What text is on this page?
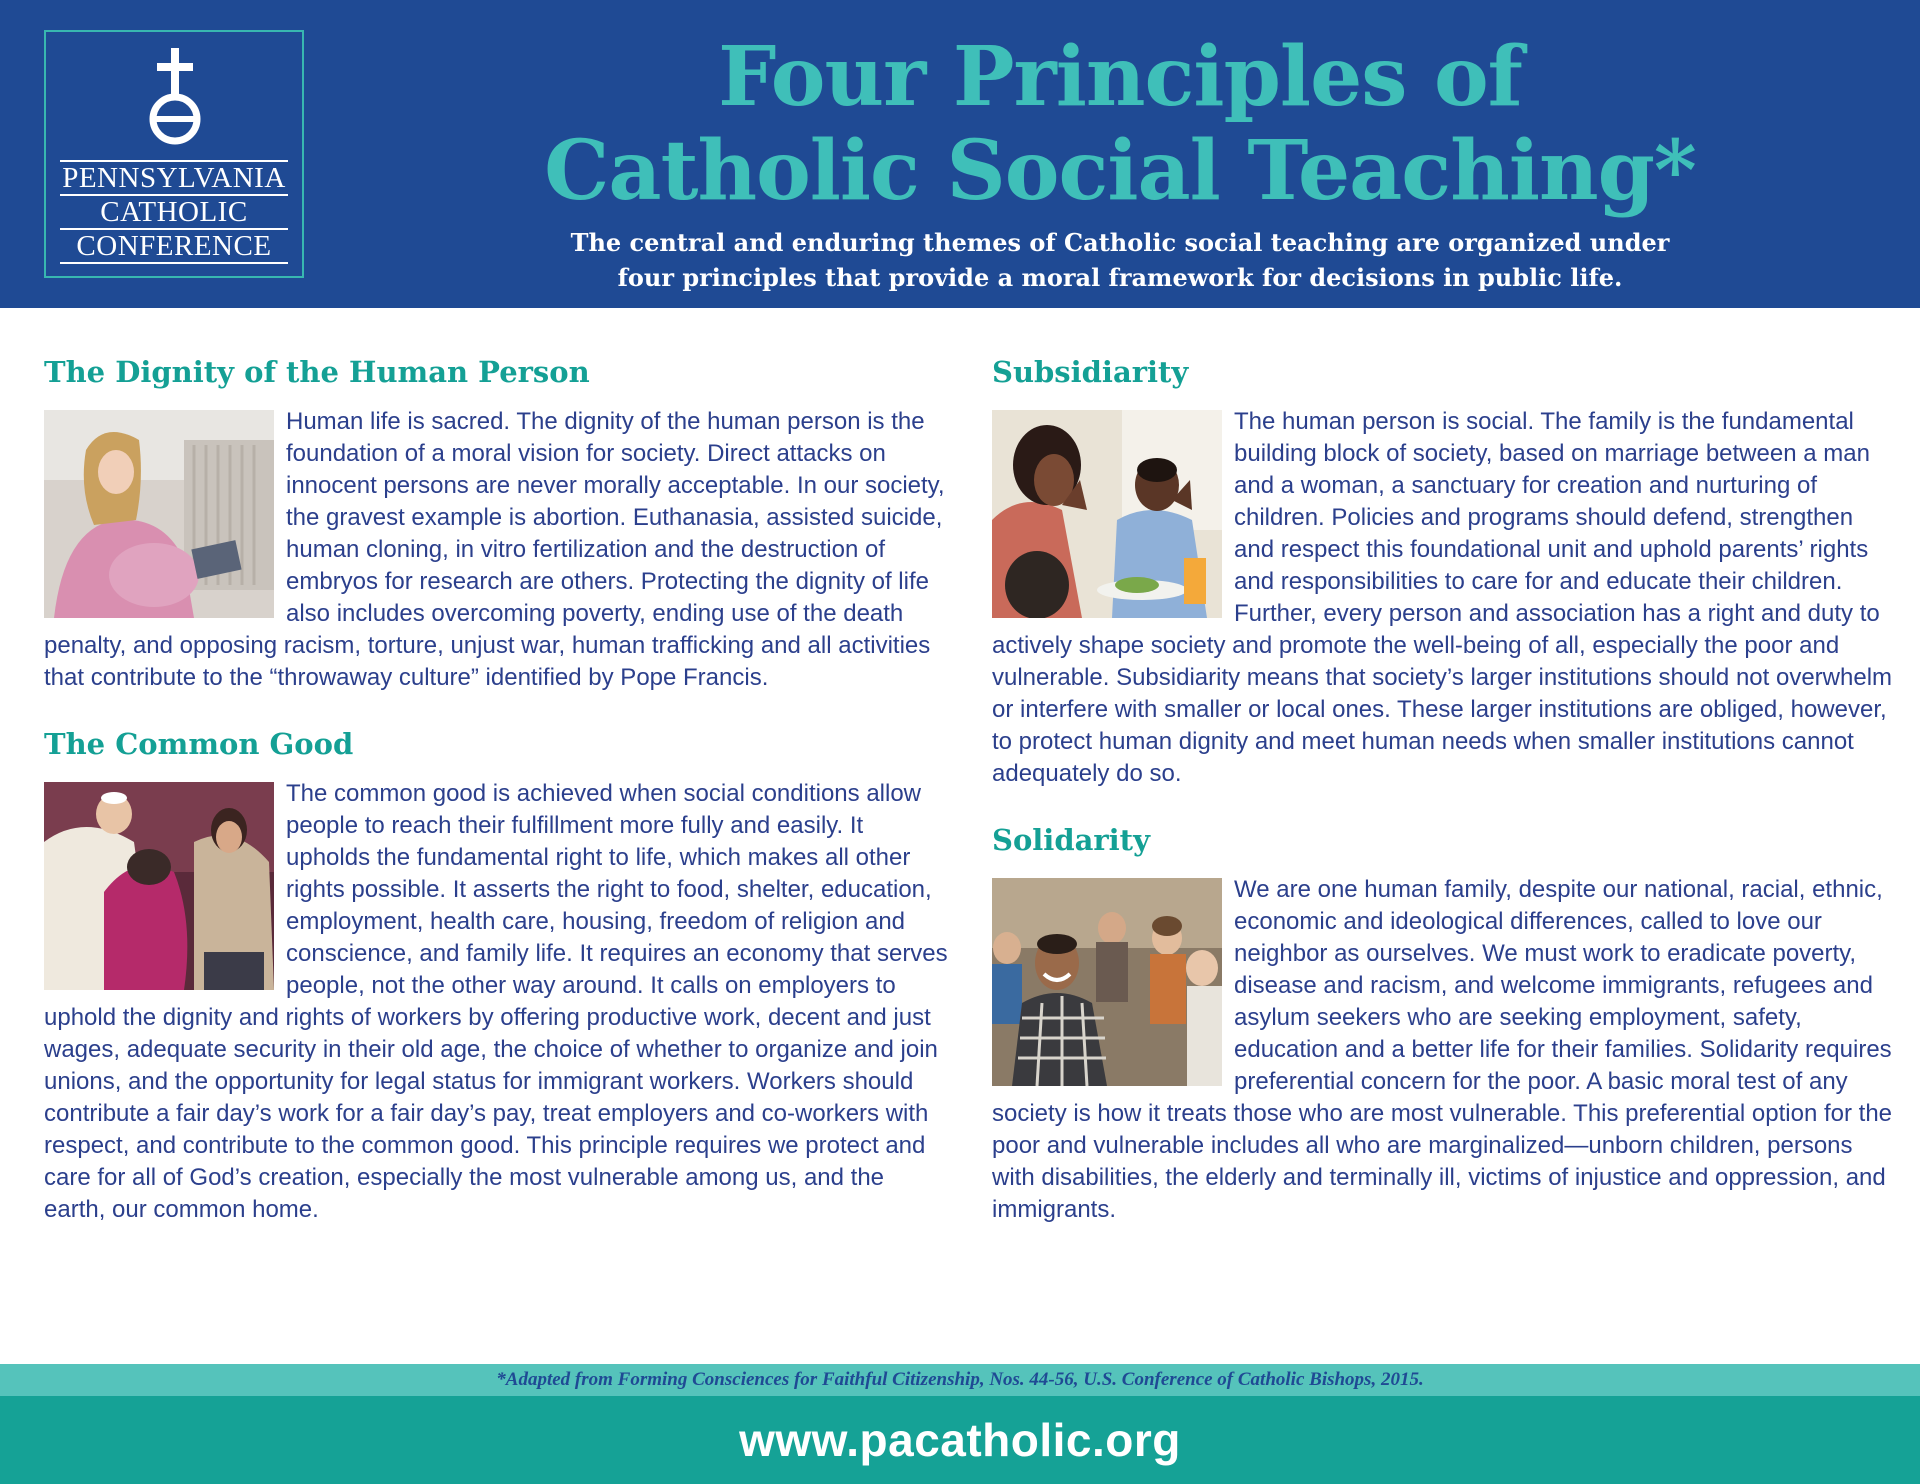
PENNSYLVANIA
CATHOLIC
CONFERENCE
Four Principles of
Catholic Social Teaching*
The central and enduring themes of Catholic social teaching are organized under
four principles that provide a moral framework for decisions in public life.
The Dignity of the Human Person
Human life is sacred. The dignity of the human person is the foundation of a moral vision for society. Direct attacks on innocent persons are never morally acceptable. In our society, the gravest example is abortion. Euthanasia, assisted suicide, human cloning, in vitro fertilization and the destruction of embryos for research are others. Protecting the dignity of life also includes overcoming poverty, ending use of the death penalty, and opposing racism, torture, unjust war, human trafficking and all activities that contribute to the “throwaway culture” identified by Pope Francis.
The Common Good
The common good is achieved when social conditions allow people to reach their fulfillment more fully and easily. It upholds the fundamental right to life, which makes all other rights possible. It asserts the right to food, shelter, education, employment, health care, housing, freedom of religion and conscience, and family life. It requires an economy that serves people, not the other way around. It calls on employers to uphold the dignity and rights of workers by offering productive work, decent and just wages, adequate security in their old age, the choice of whether to organize and join unions, and the opportunity for legal status for immigrant workers. Workers should contribute a fair day’s work for a fair day’s pay, treat employers and co-workers with respect, and contribute to the common good. This principle requires we protect and care for all of God’s creation, especially the most vulnerable among us, and the earth, our common home.
Subsidiarity
The human person is social. The family is the fundamental building block of society, based on marriage between a man and a woman, a sanctuary for creation and nurturing of children. Policies and programs should defend, strengthen and respect this foundational unit and uphold parents’ rights and responsibilities to care for and educate their children. Further, every person and association has a right and duty to actively shape society and promote the well-being of all, especially the poor and vulnerable. Subsidiarity means that society’s larger institutions should not overwhelm or interfere with smaller or local ones. These larger institutions are obliged, however, to protect human dignity and meet human needs when smaller institutions cannot adequately do so.
Solidarity
We are one human family, despite our national, racial, ethnic, economic and ideological differences, called to love our neighbor as ourselves. We must work to eradicate poverty, disease and racism, and welcome immigrants, refugees and asylum seekers who are seeking employment, safety, education and a better life for their families. Solidarity requires preferential concern for the poor. A basic moral test of any society is how it treats those who are most vulnerable. This preferential option for the poor and vulnerable includes all who are marginalized—unborn children, persons with disabilities, the elderly and terminally ill, victims of injustice and oppression, and immigrants.
*Adapted from Forming Consciences for Faithful Citizenship, Nos. 44-56, U.S. Conference of Catholic Bishops, 2015.
www.pacatholic.org
